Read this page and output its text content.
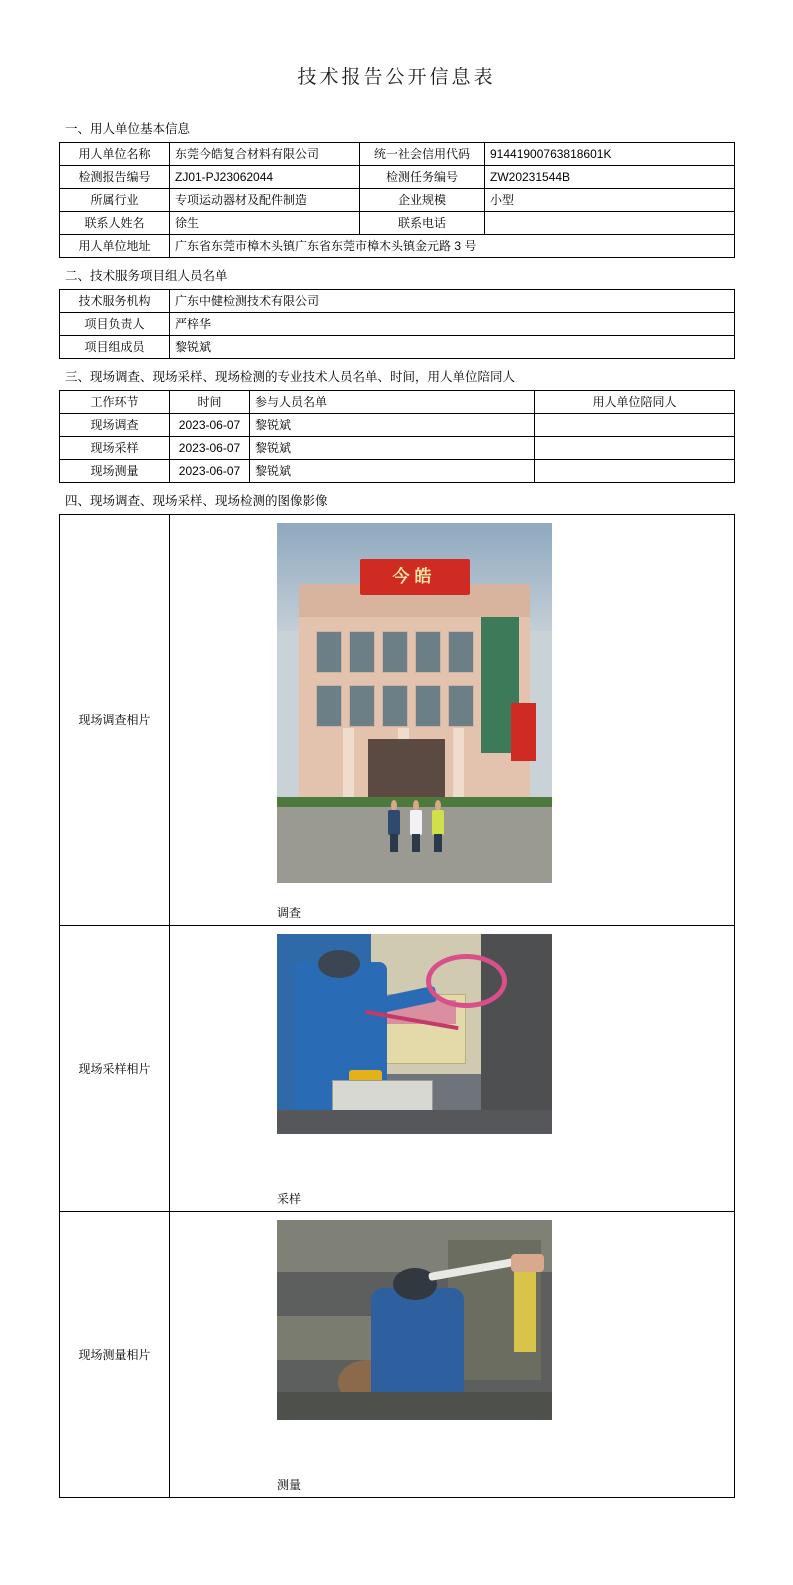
技术报告公开信息表
一、用人单位基本信息
用人单位名称	东莞今皓复合材料有限公司	统一社会信用代码	91441900763818601K
检测报告编号	ZJ01-PJ23062044	检测任务编号	ZW20231544B
所属行业	专项运动器材及配件制造	企业规模	小型
联系人姓名	徐生	联系电话	
用人单位地址	广东省东莞市樟木头镇广东省东莞市樟木头镇金元路 3 号		
二、技术服务项目组人员名单
技术服务机构	广东中健检测技术有限公司
项目负责人	严梓华
项目组成员	黎锐斌
三、现场调查、现场采样、现场检测的专业技术人员名单、时间，用人单位陪同人
工作环节	时间	参与人员名单	用人单位陪同人
现场调查	2023-06-07	黎锐斌	
现场采样	2023-06-07	黎锐斌	
现场测量	2023-06-07	黎锐斌	
四、现场调查、现场采样、现场检测的图像影像
现场调查相片	今皓
调查

现场采样相片	采样

现场测量相片	测量
